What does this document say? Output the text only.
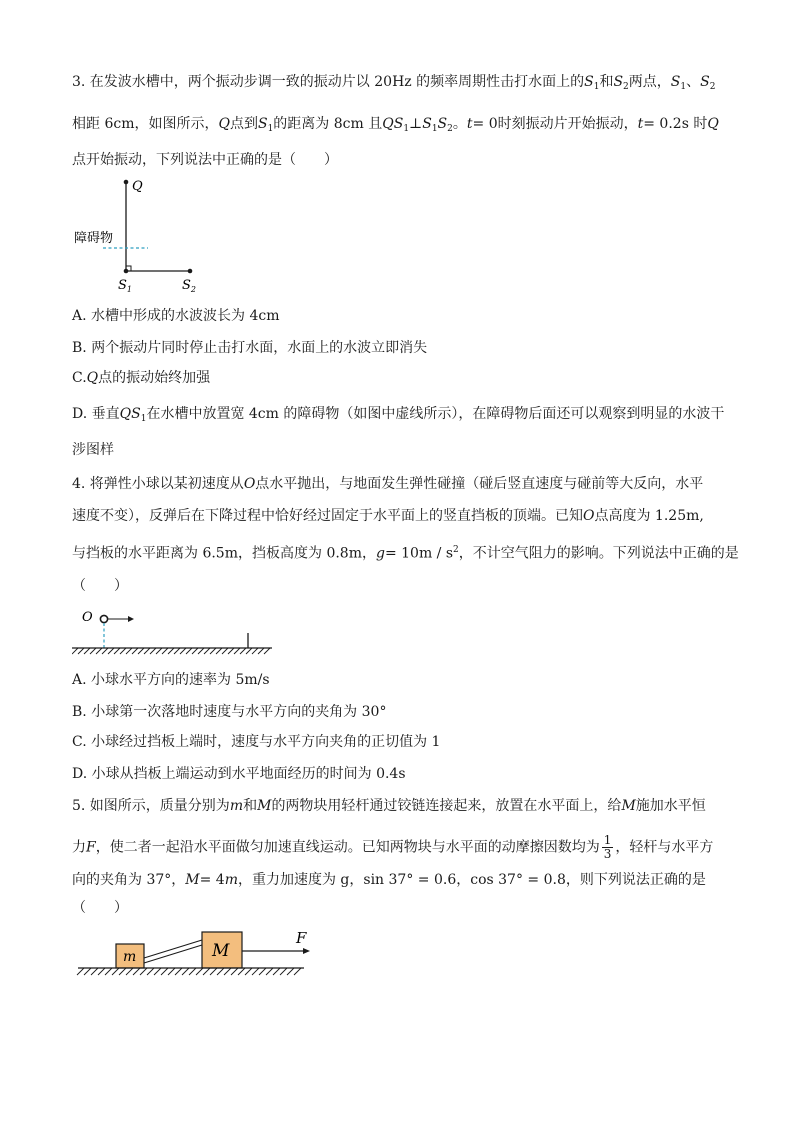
3. 在发波水槽中，两个振动步调一致的振动片以 20Hz 的频率周期性击打水面上的$S_1$和$S_2$两点，$S_1$、$S_2$
相距 6cm，如图所示，Q点到$S_1$的距离为 8cm 且$QS_1\perp S_1S_2$。t= 0时刻振动片开始振动，t= 0.2s 时Q
点开始振动，下列说法中正确的是（　　）
Q
障碍物
$S_1$	$S_2$
A. 水槽中形成的水波波长为 4cm
B. 两个振动片同时停止击打水面，水面上的水波立即消失
C.Q点的振动始终加强
D. 垂直$QS_1$在水槽中放置宽 4cm 的障碍物（如图中虚线所示），在障碍物后面还可以观察到明显的水波干
涉图样
4. 将弹性小球以某初速度从O点水平抛出，与地面发生弹性碰撞（碰后竖直速度与碰前等大反向，水平
速度不变），反弹后在下降过程中恰好经过固定于水平面上的竖直挡板的顶端。已知O点高度为 1.25m,
与挡板的水平距离为 6.5m，挡板高度为 0.8m，$g= 10m / s^2$，不计空气阻力的影响。下列说法中正确的是
（　　）
O
A. 小球水平方向的速率为 5m/s
B. 小球第一次落地时速度与水平方向的夹角为 30°
C. 小球经过挡板上端时，速度与水平方向夹角的正切值为 1
D. 小球从挡板上端运动到水平地面经历的时间为 0.4s
5. 如图所示，质量分别为m和M的两物块用轻杆通过铰链连接起来，放置在水平面上，给M施加水平恒
力F，使二者一起沿水平面做匀加速直线运动。已知两物块与水平面的动摩擦因数均为 $\frac{1}{3}$ ，轻杆与水平方
向的夹角为 37°，M= 4m，重力加速度为 g，sin 37° = 0.6，cos 37° = 0.8，则下列说法正确的是
（　　）
m	M
F
